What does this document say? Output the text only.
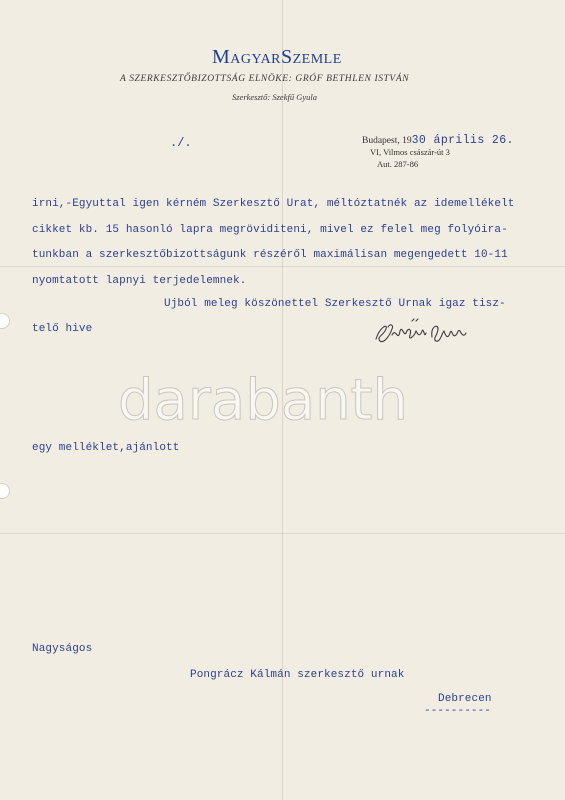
MagyarSzemle
A SZERKESZTŐBIZOTTSÁG ELNÖKE: GRÓF BETHLEN ISTVÁN
Szerkesztő: Szekfű Gyula
./.	Budapest, 1930 április 26.
VI, Vilmos császár-út 3
Aut. 287-86
irni,-Egyuttal igen kérném Szerkesztő Urat, méltóztatnék az idemellékelt
cikket kb. 15 hasonló lapra megröviditeni, mivel ez felel meg folyóira-
tunkban a szerkesztőbizottságunk részéről maximálisan megengedett 10-11
nyomtatott lapnyi terjedelemnek.
Ujból meleg köszönettel Szerkesztő Urnak igaz tisz-
telő hive
egy melléklet,ajánlott
Nagyságos
Pongrácz Kálmán szerkesztő urnak
Debrecen
----------
darabanth
